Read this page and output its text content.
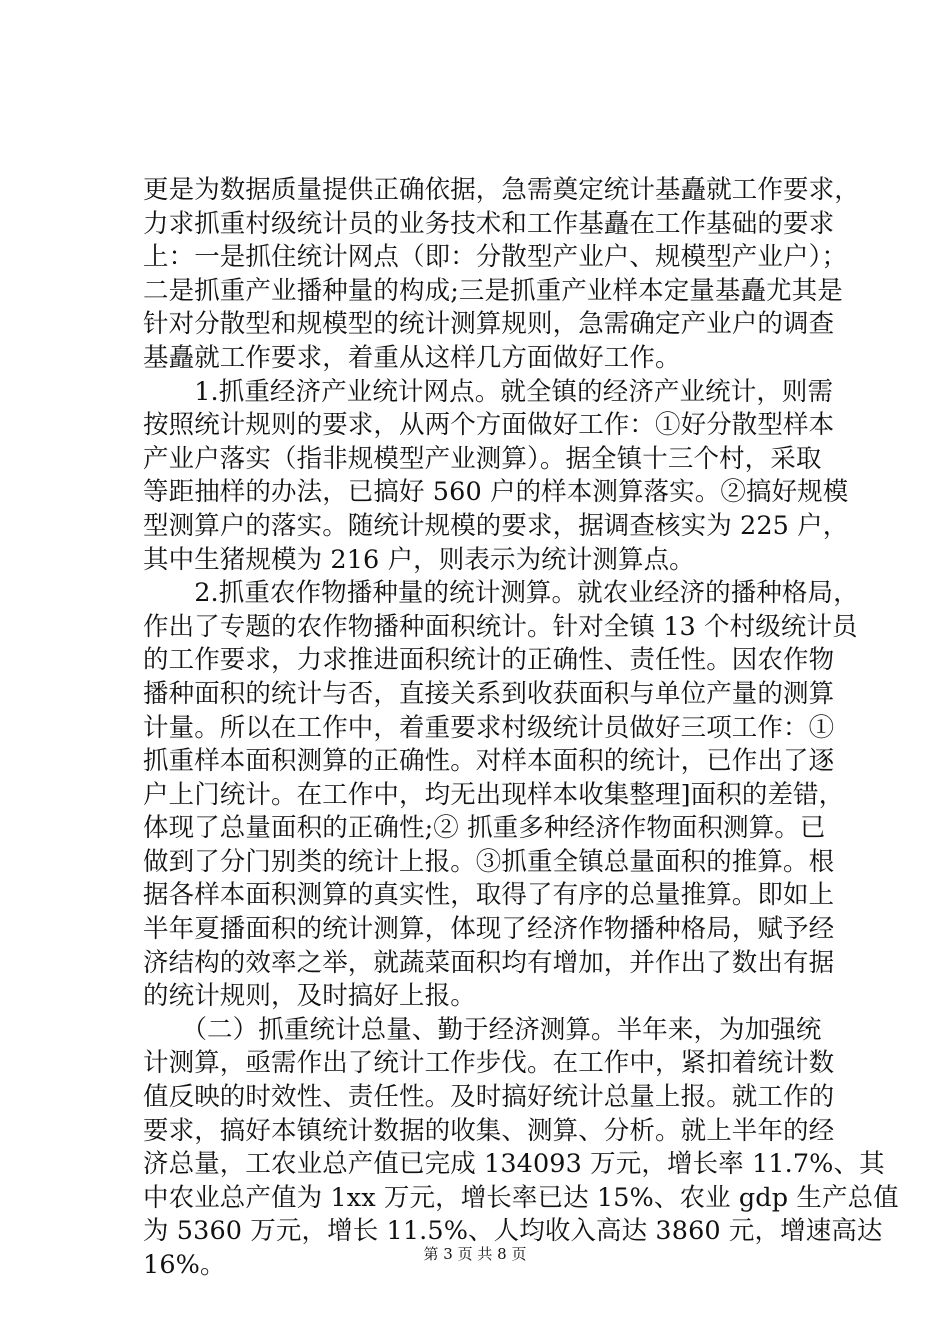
更是为数据质量提供正确依据，急需奠定统计基矗就工作要求，
力求抓重村级统计员的业务技术和工作基矗在工作基础的要求
上：一是抓住统计网点（即：分散型产业户、规模型产业户）；
二是抓重产业播种量的构成;三是抓重产业样本定量基矗尤其是
针对分散型和规模型的统计测算规则，急需确定产业户的调查
基矗就工作要求，着重从这样几方面做好工作。
　　1.抓重经济产业统计网点。就全镇的经济产业统计，则需
按照统计规则的要求，从两个方面做好工作：①好分散型样本
产业户落实（指非规模型产业测算）。据全镇十三个村，采取
等距抽样的办法，已搞好 560 户的样本测算落实。②搞好规模
型测算户的落实。随统计规模的要求，据调查核实为 225 户，
其中生猪规模为 216 户，则表示为统计测算点。
　　2.抓重农作物播种量的统计测算。就农业经济的播种格局，
作出了专题的农作物播种面积统计。针对全镇 13 个村级统计员
的工作要求，力求推进面积统计的正确性、责任性。因农作物
播种面积的统计与否，直接关系到收获面积与单位产量的测算
计量。所以在工作中，着重要求村级统计员做好三项工作：①
抓重样本面积测算的正确性。对样本面积的统计，已作出了逐
户上门统计。在工作中，均无出现样本收集整理]面积的差错，
体现了总量面积的正确性;② 抓重多种经济作物面积测算。已
做到了分门别类的统计上报。③抓重全镇总量面积的推算。根
据各样本面积测算的真实性，取得了有序的总量推算。即如上
半年夏播面积的统计测算，体现了经济作物播种格局，赋予经
济结构的效率之举，就蔬菜面积均有增加，并作出了数出有据
的统计规则，及时搞好上报。
　　（二）抓重统计总量、勤于经济测算。半年来，为加强统
计测算，亟需作出了统计工作步伐。在工作中，紧扣着统计数
值反映的时效性、责任性。及时搞好统计总量上报。就工作的
要求，搞好本镇统计数据的收集、测算、分析。就上半年的经
济总量，工农业总产值已完成 134093 万元，增长率 11.7%、其
中农业总产值为 1xx 万元，增长率已达 15%、农业 gdp 生产总值
为 5360 万元，增长 11.5%、人均收入高达 3860 元，增速高达
16%。	第 3 页 共 8 页
